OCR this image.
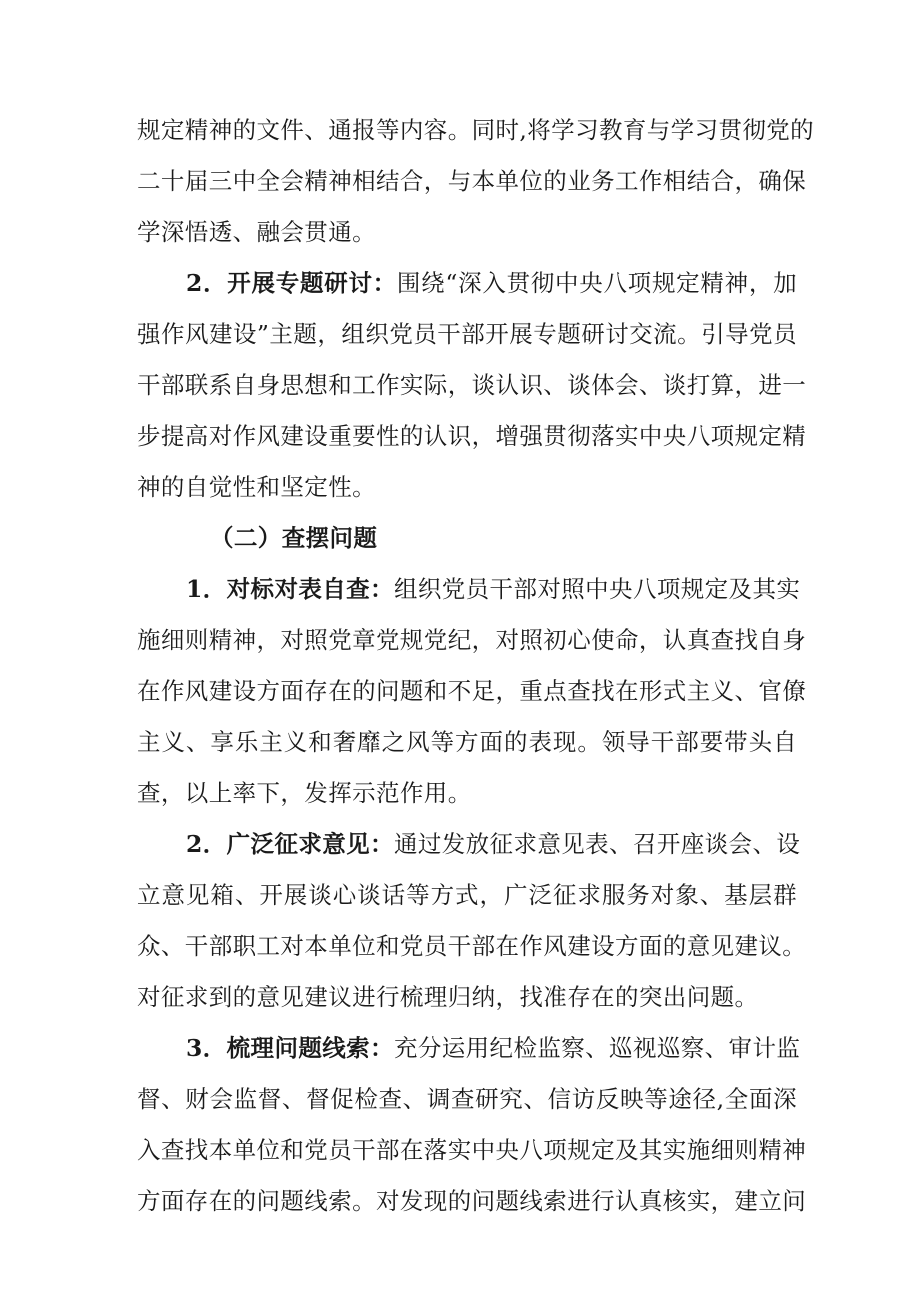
规定精神的文件、通报等内容。同时,将学习教育与学习贯彻党的
二十届三中全会精神相结合，与本单位的业务工作相结合，确保
学深悟透、融会贯通。
2．开展专题研讨：围绕“深入贯彻中央八项规定精神，加
强作风建设”主题，组织党员干部开展专题研讨交流。引导党员
干部联系自身思想和工作实际，谈认识、谈体会、谈打算，进一
步提高对作风建设重要性的认识，增强贯彻落实中央八项规定精
神的自觉性和坚定性。
（二）查摆问题
1．对标对表自查：组织党员干部对照中央八项规定及其实
施细则精神，对照党章党规党纪，对照初心使命，认真查找自身
在作风建设方面存在的问题和不足，重点查找在形式主义、官僚
主义、享乐主义和奢靡之风等方面的表现。领导干部要带头自
查，以上率下，发挥示范作用。
2．广泛征求意见：通过发放征求意见表、召开座谈会、设
立意见箱、开展谈心谈话等方式，广泛征求服务对象、基层群
众、干部职工对本单位和党员干部在作风建设方面的意见建议。
对征求到的意见建议进行梳理归纳，找准存在的突出问题。
3．梳理问题线索：充分运用纪检监察、巡视巡察、审计监
督、财会监督、督促检查、调查研究、信访反映等途径,全面深
入查找本单位和党员干部在落实中央八项规定及其实施细则精神
方面存在的问题线索。对发现的问题线索进行认真核实，建立问
